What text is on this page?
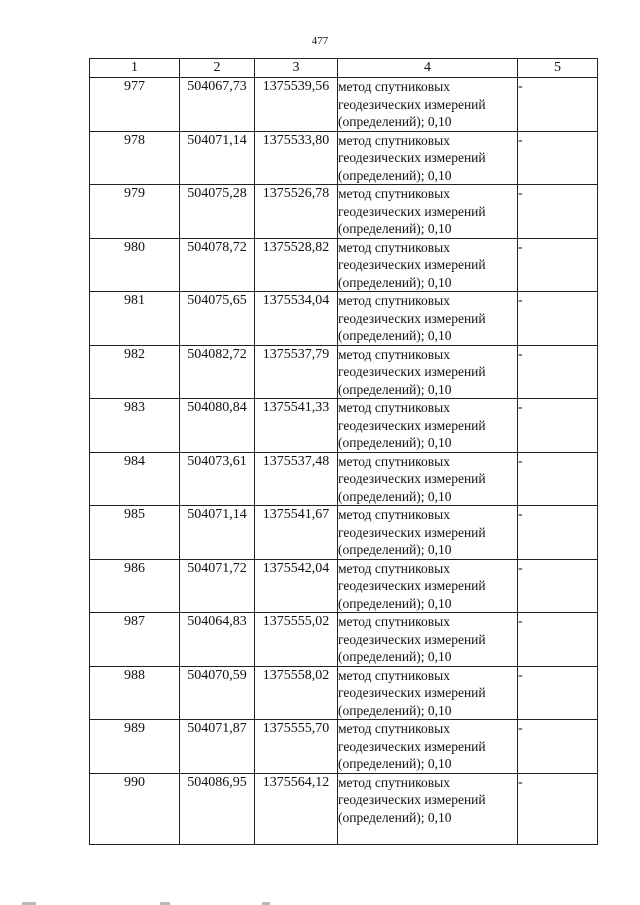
477
1	2	3	4	5
977	504067,73	1375539,56	метод спутниковых
геодезических измерений
(определений); 0,10	-
978	504071,14	1375533,80	метод спутниковых
геодезических измерений
(определений); 0,10	-
979	504075,28	1375526,78	метод спутниковых
геодезических измерений
(определений); 0,10	-
980	504078,72	1375528,82	метод спутниковых
геодезических измерений
(определений); 0,10	-
981	504075,65	1375534,04	метод спутниковых
геодезических измерений
(определений); 0,10	-
982	504082,72	1375537,79	метод спутниковых
геодезических измерений
(определений); 0,10	-
983	504080,84	1375541,33	метод спутниковых
геодезических измерений
(определений); 0,10	-
984	504073,61	1375537,48	метод спутниковых
геодезических измерений
(определений); 0,10	-
985	504071,14	1375541,67	метод спутниковых
геодезических измерений
(определений); 0,10	-
986	504071,72	1375542,04	метод спутниковых
геодезических измерений
(определений); 0,10	-
987	504064,83	1375555,02	метод спутниковых
геодезических измерений
(определений); 0,10	-
988	504070,59	1375558,02	метод спутниковых
геодезических измерений
(определений); 0,10	-
989	504071,87	1375555,70	метод спутниковых
геодезических измерений
(определений); 0,10	-
990	504086,95	1375564,12	метод спутниковых
геодезических измерений
(определений); 0,10	-
